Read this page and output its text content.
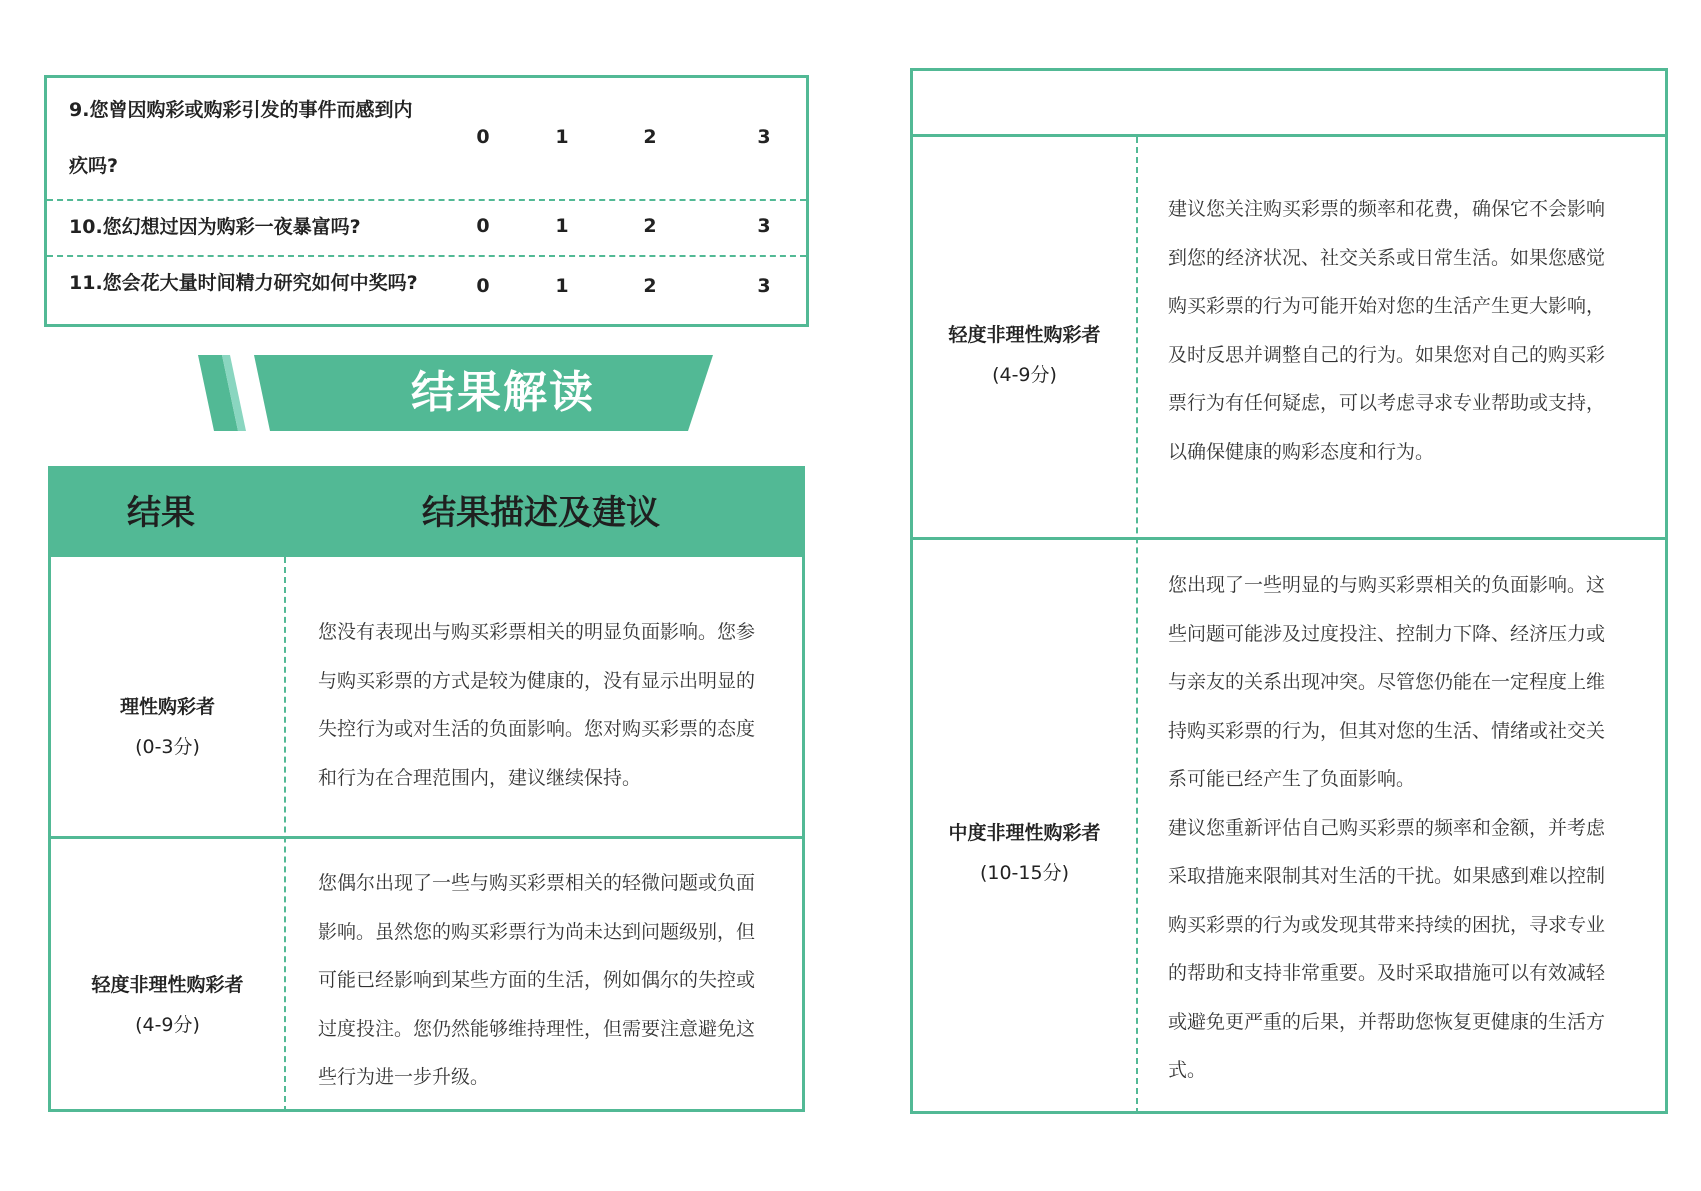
9.您曾因购彩或购彩引发的事件而感到内
疚吗?
0	1	2	3
10.您幻想过因为购彩一夜暴富吗?	0	1	2	3
11.您会花大量时间精力研究如何中奖吗?	0	1	2	3
结果解读
结果	结果描述及建议
理性购彩者
(0-3分)
您没有表现出与购买彩票相关的明显负面影响。您参
与购买彩票的方式是较为健康的，没有显示出明显的
失控行为或对生活的负面影响。您对购买彩票的态度
和行为在合理范围内，建议继续保持。
轻度非理性购彩者
(4-9分)
您偶尔出现了一些与购买彩票相关的轻微问题或负面
影响。虽然您的购买彩票行为尚未达到问题级别，但
可能已经影响到某些方面的生活，例如偶尔的失控或
过度投注。您仍然能够维持理性，但需要注意避免这
些行为进一步升级。
轻度非理性购彩者
(4-9分)
建议您关注购买彩票的频率和花费，确保它不会影响
到您的经济状况、社交关系或日常生活。如果您感觉
购买彩票的行为可能开始对您的生活产生更大影响，
及时反思并调整自己的行为。如果您对自己的购买彩
票行为有任何疑虑，可以考虑寻求专业帮助或支持，
以确保健康的购彩态度和行为。
中度非理性购彩者
(10-15分)
您出现了一些明显的与购买彩票相关的负面影响。这
些问题可能涉及过度投注、控制力下降、经济压力或
与亲友的关系出现冲突。尽管您仍能在一定程度上维
持购买彩票的行为，但其对您的生活、情绪或社交关
系可能已经产生了负面影响。
建议您重新评估自己购买彩票的频率和金额，并考虑
采取措施来限制其对生活的干扰。如果感到难以控制
购买彩票的行为或发现其带来持续的困扰，寻求专业
的帮助和支持非常重要。及时采取措施可以有效减轻
或避免更严重的后果，并帮助您恢复更健康的生活方
式。
